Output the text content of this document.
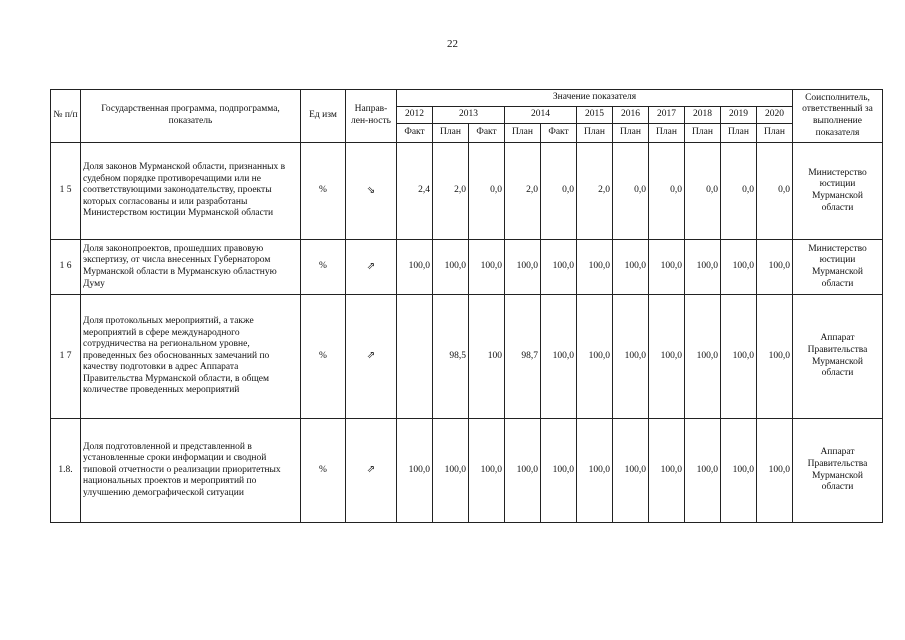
22
№ п/п	Государственная программа, подпрограмма, показатель	Ед изм	Направ-лен-ность	Значение показателя											Соисполнитель, ответственный за выполнение показателя
				2012	2013		2014		2015	2016	2017	2018	2019	2020	
				Факт	План	Факт	План	Факт	План	План	План	План	План	План	
1 5	Доля законов Мурманской области, признанных в судебном порядке противоречащими или не соответствующими законодательству, проекты которых согласованы и или разработаны Министерством юстиции Мурманской области	%	⇘	2,4	2,0	0,0	2,0	0,0	2,0	0,0	0,0	0,0	0,0	0,0	Министерство юстиции Мурманской области
1 6	Доля законопроектов, прошедших правовую экспертизу, от числа внесенных Губернатором Мурманской области в Мурманскую областную Думу	%	⇗	100,0	100,0	100,0	100,0	100,0	100,0	100,0	100,0	100,0	100,0	100,0	Министерство юстиции Мурманской области
1 7	Доля протокольных мероприятий, а также мероприятий в сфере международного сотрудничества на региональном уровне, проведенных без обоснованных замечаний по качеству подготовки в адрес Аппарата Правительства Мурманской области, в общем количестве проведенных мероприятий	%	⇗		98,5	100	98,7	100,0	100,0	100,0	100,0	100,0	100,0	100,0	Аппарат Правительства Мурманской области
1.8.	Доля подготовленной и представленной в установленные сроки информации и сводной типовой отчетности о реализации приоритетных национальных проектов и мероприятий по улучшению демографической ситуации	%	⇗	100,0	100,0	100,0	100,0	100,0	100,0	100,0	100,0	100,0	100,0	100,0	Аппарат Правительства Мурманской области
